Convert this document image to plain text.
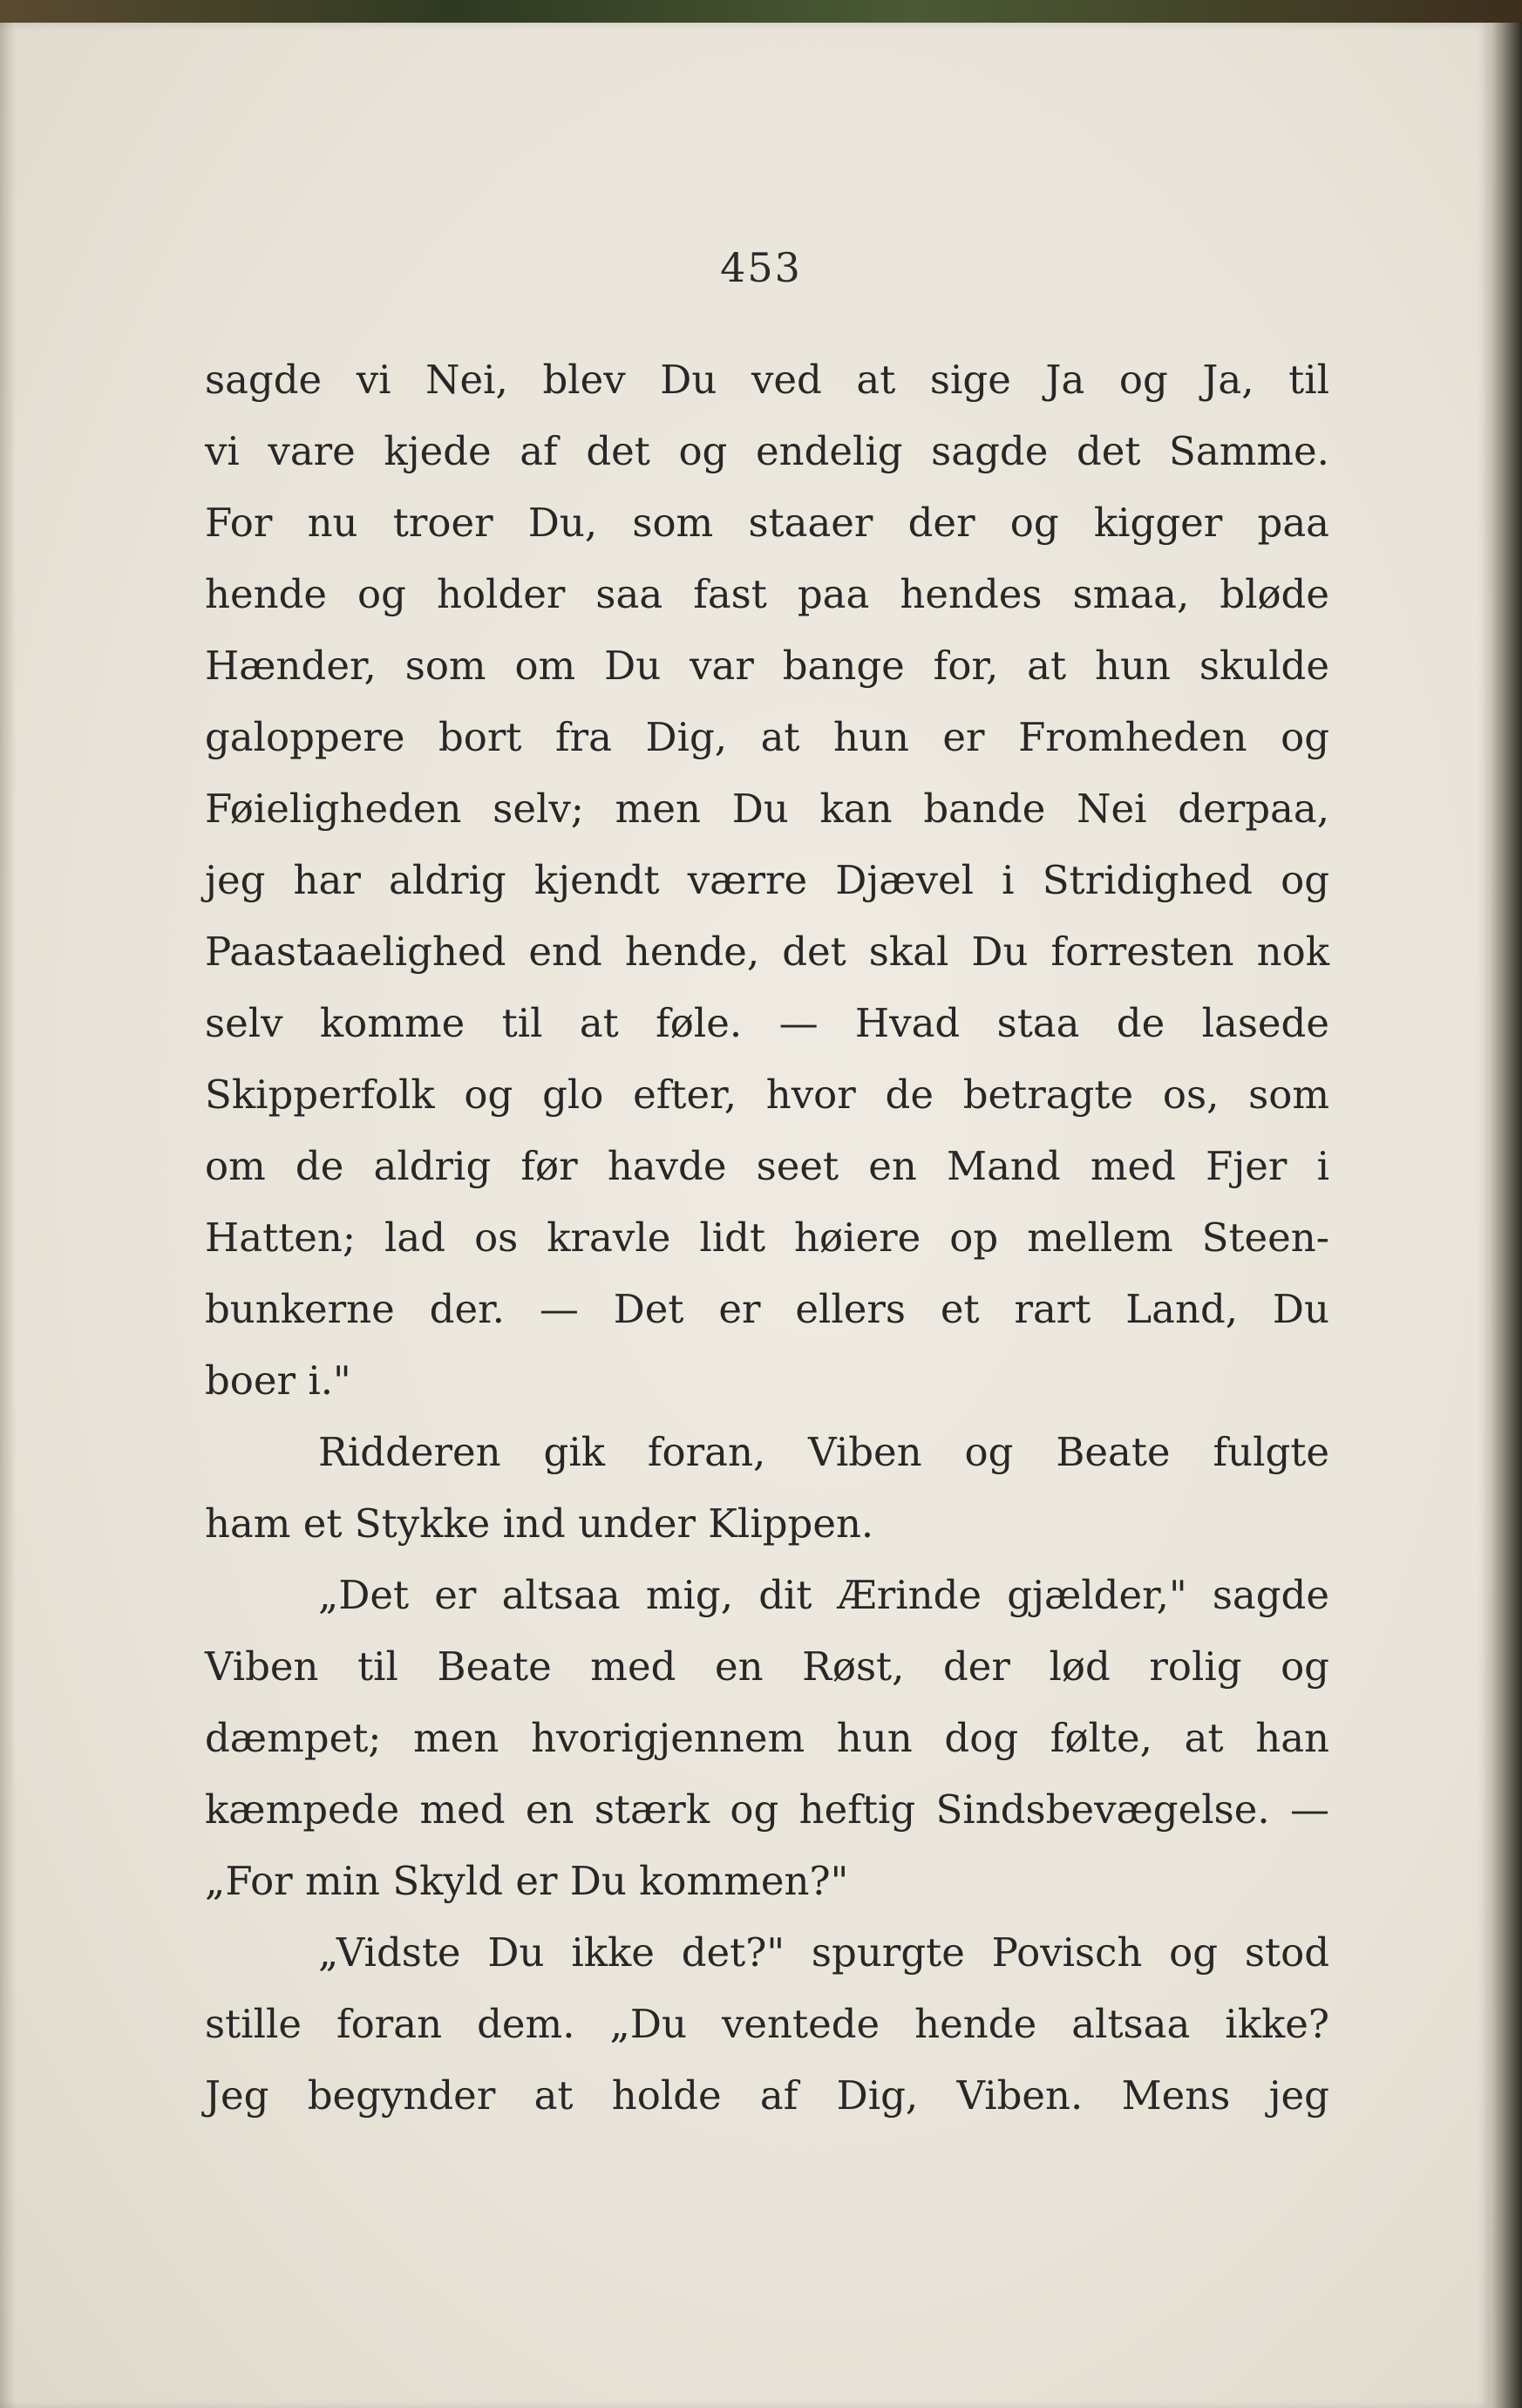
453
sagde vi Nei, blev Du ved at sige Ja og Ja, til
vi vare kjede af det og endelig sagde det Samme.
For nu troer Du, som staaer der og kigger paa
hende og holder saa fast paa hendes smaa, bløde
Hænder, som om Du var bange for, at hun skulde
galoppere bort fra Dig, at hun er Fromheden og
Føieligheden selv; men Du kan bande Nei derpaa,
jeg har aldrig kjendt værre Djævel i Stridighed og
Paastaaelighed end hende, det skal Du forresten nok
selv komme til at føle. — Hvad staa de lasede
Skipperfolk og glo efter, hvor de betragte os, som
om de aldrig før havde seet en Mand med Fjer i
Hatten; lad os kravle lidt høiere op mellem Steen-
bunkerne der. — Det er ellers et rart Land, Du
boer i."
Ridderen gik foran, Viben og Beate fulgte
ham et Stykke ind under Klippen.
„Det er altsaa mig, dit Ærinde gjælder," sagde
Viben til Beate med en Røst, der lød rolig og
dæmpet; men hvorigjennem hun dog følte, at han
kæmpede med en stærk og heftig Sindsbevægelse. —
„For min Skyld er Du kommen?"
„Vidste Du ikke det?" spurgte Povisch og stod
stille foran dem. „Du ventede hende altsaa ikke?
Jeg begynder at holde af Dig, Viben. Mens jeg
